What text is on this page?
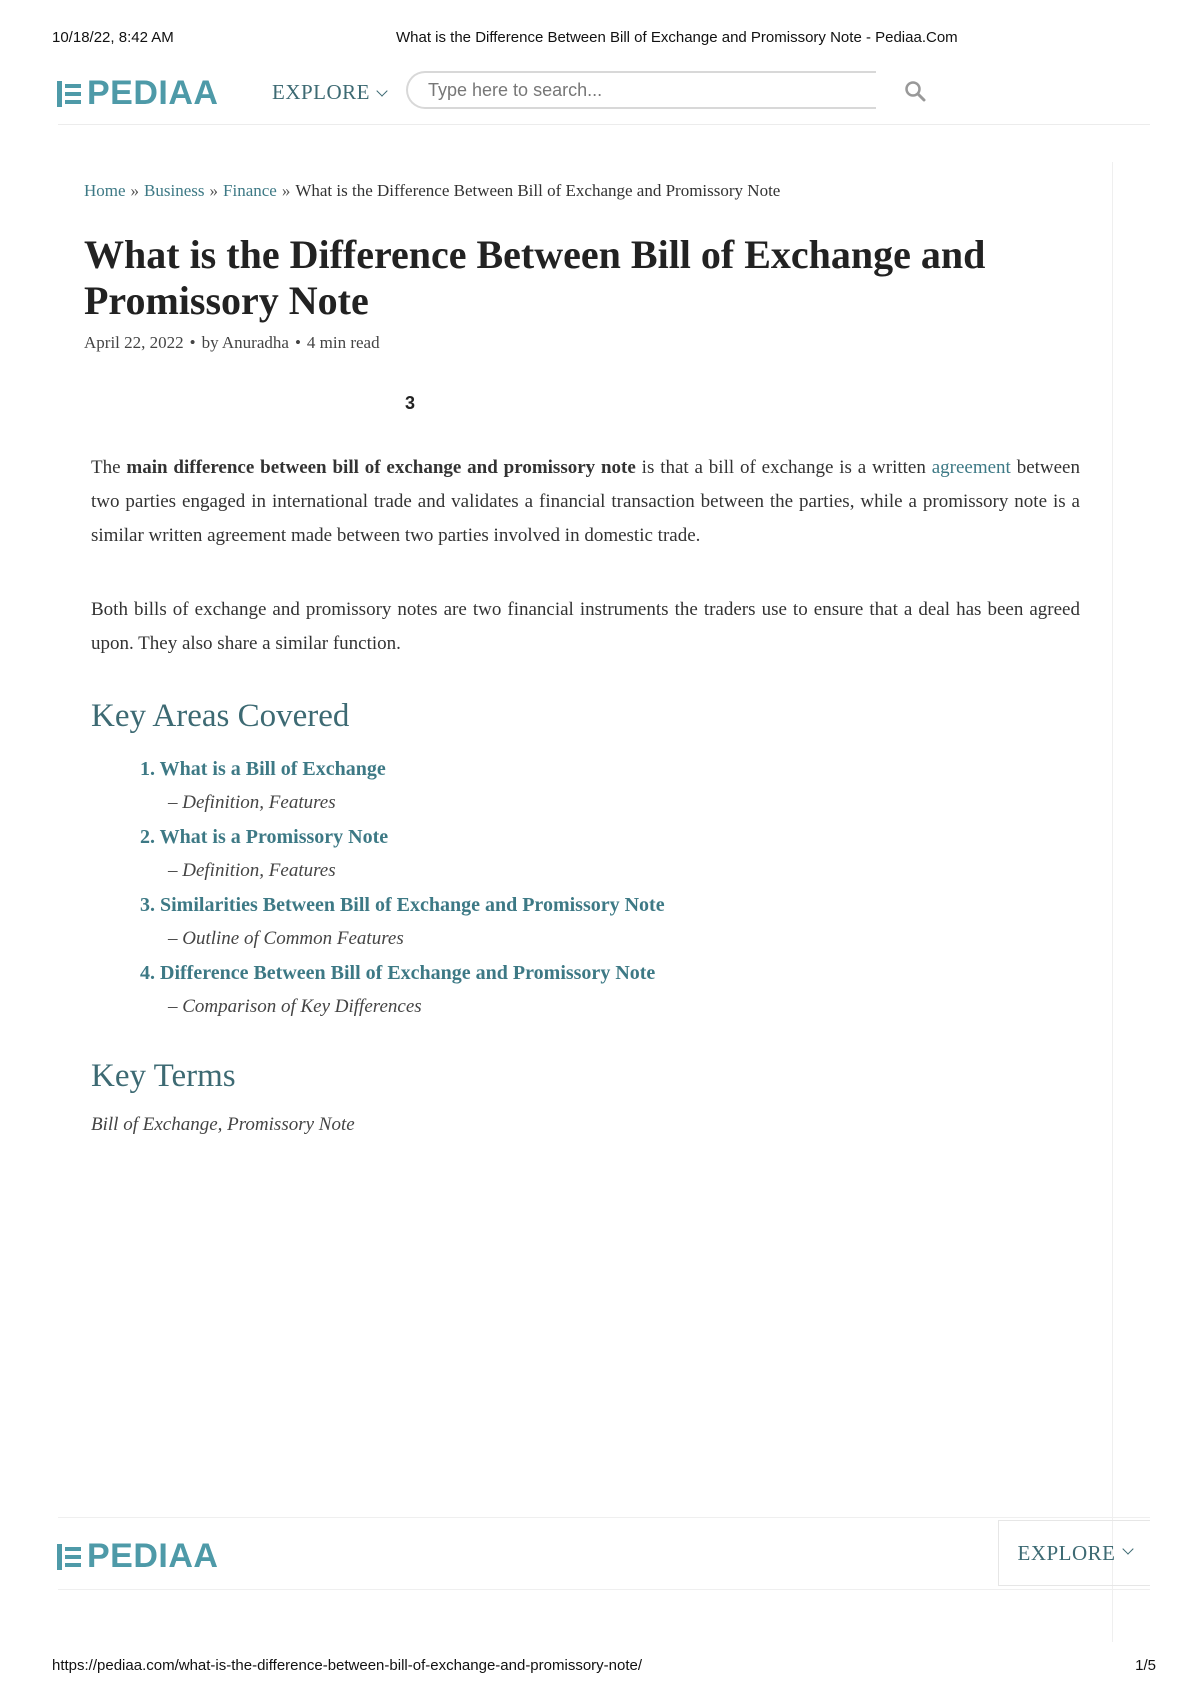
10/18/22, 8:42 AM	What is the Difference Between Bill of Exchange and Promissory Note - Pediaa.Com
PEDIAA	EXPLORE
Type here to search...
Home » Business » Finance » What is the Difference Between Bill of Exchange and Promissory Note
What is the Difference Between Bill of Exchange and Promissory Note
April 22, 2022 • by Anuradha • 4 min read
3

The main difference between bill of exchange and promissory note is that a bill of exchange is a written agreement between two parties engaged in international trade and validates a financial transaction between the parties, while a promissory note is a similar written agreement made between two parties involved in domestic trade.

Both bills of exchange and promissory notes are two financial instruments the traders use to ensure that a deal has been agreed upon. They also share a similar function.

Key Areas Covered
1. What is a Bill of Exchange
– Definition, Features
2. What is a Promissory Note
– Definition, Features
3. Similarities Between Bill of Exchange and Promissory Note
– Outline of Common Features
4. Difference Between Bill of Exchange and Promissory Note
– Comparison of Key Differences
Key Terms
Bill of Exchange, Promissory Note
PEDIAA	EXPLORE
https://pediaa.com/what-is-the-difference-between-bill-of-exchange-and-promissory-note/	1/5
